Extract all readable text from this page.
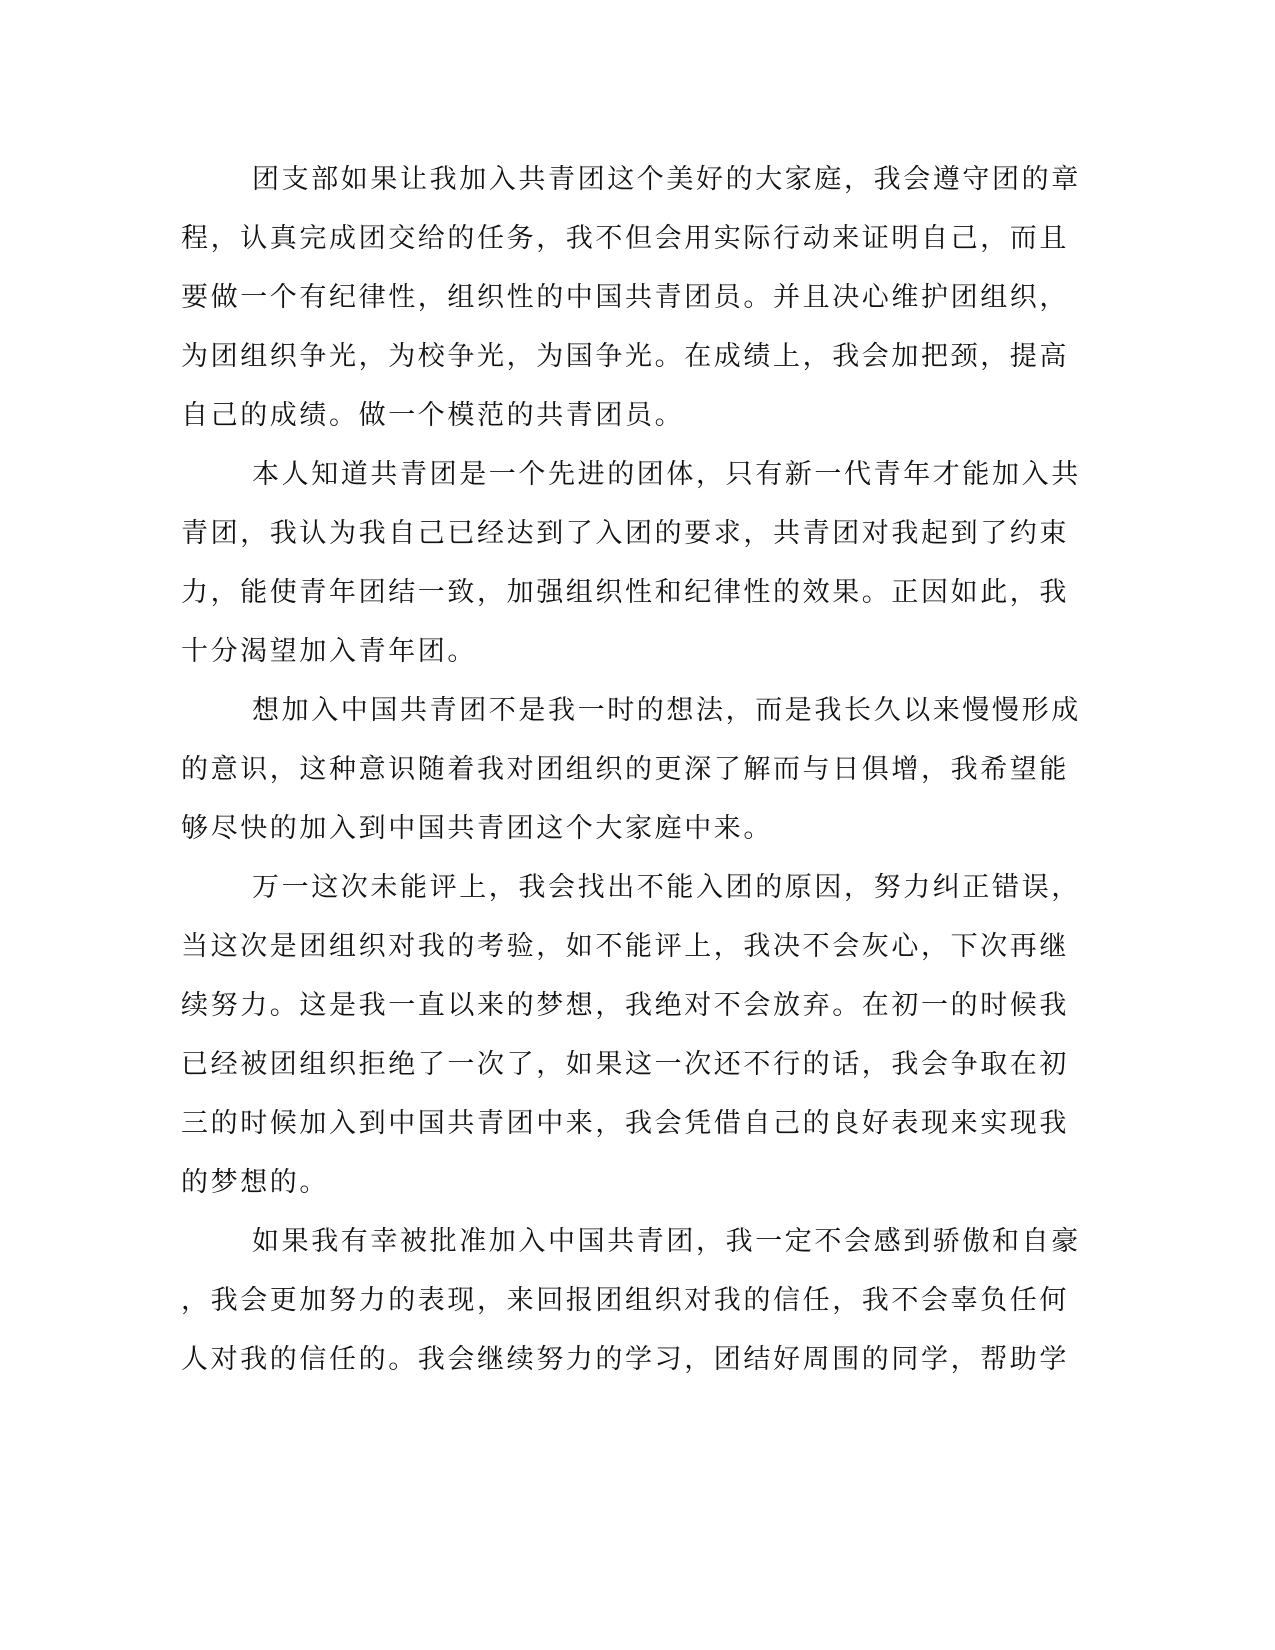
团支部如果让我加入共青团这个美好的大家庭，我会遵守团的章

程，认真完成团交给的任务，我不但会用实际行动来证明自己，而且

要做一个有纪律性，组织性的中国共青团员。并且决心维护团组织，

为团组织争光，为校争光，为国争光。在成绩上，我会加把颈，提高

自己的成绩。做一个模范的共青团员。

本人知道共青团是一个先进的团体，只有新一代青年才能加入共

青团，我认为我自己已经达到了入团的要求，共青团对我起到了约束

力，能使青年团结一致，加强组织性和纪律性的效果。正因如此，我

十分渴望加入青年团。

想加入中国共青团不是我一时的想法，而是我长久以来慢慢形成

的意识，这种意识随着我对团组织的更深了解而与日俱增，我希望能

够尽快的加入到中国共青团这个大家庭中来。

万一这次未能评上，我会找出不能入团的原因，努力纠正错误，

当这次是团组织对我的考验，如不能评上，我决不会灰心，下次再继

续努力。这是我一直以来的梦想，我绝对不会放弃。在初一的时候我

已经被团组织拒绝了一次了，如果这一次还不行的话，我会争取在初

三的时候加入到中国共青团中来，我会凭借自己的良好表现来实现我

的梦想的。

如果我有幸被批准加入中国共青团，我一定不会感到骄傲和自豪

，我会更加努力的表现，来回报团组织对我的信任，我不会辜负任何

人对我的信任的。我会继续努力的学习，团结好周围的同学，帮助学
